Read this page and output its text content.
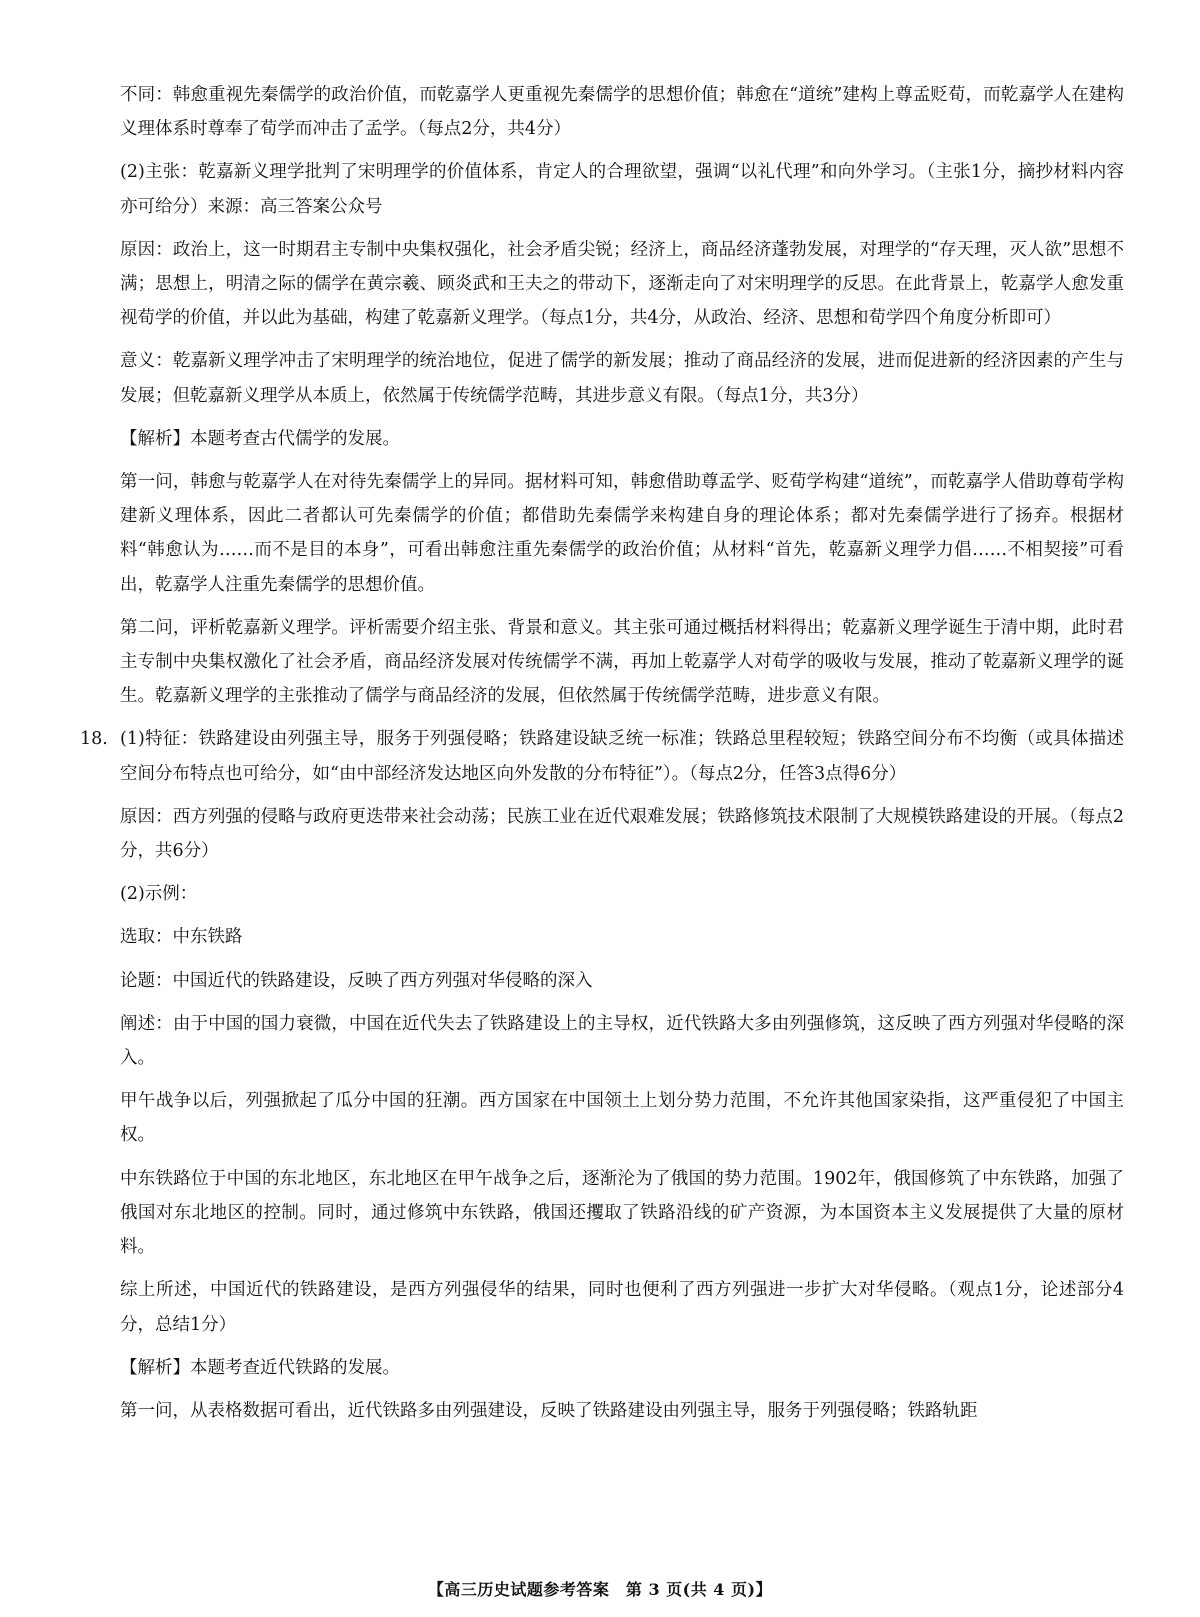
不同：韩愈重视先秦儒学的政治价值，而乾嘉学人更重视先秦儒学的思想价值；韩愈在“道统”建构上尊孟贬荀，而乾嘉学人在建构义理体系时尊奉了荀学而冲击了孟学。（每点2分，共4分）

(2)主张：乾嘉新义理学批判了宋明理学的价值体系，肯定人的合理欲望，强调“以礼代理”和向外学习。（主张1分，摘抄材料内容亦可给分）来源：高三答案公众号

原因：政治上，这一时期君主专制中央集权强化，社会矛盾尖锐；经济上，商品经济蓬勃发展，对理学的“存天理，灭人欲”思想不满；思想上，明清之际的儒学在黄宗羲、顾炎武和王夫之的带动下，逐渐走向了对宋明理学的反思。在此背景上，乾嘉学人愈发重视荀学的价值，并以此为基础，构建了乾嘉新义理学。（每点1分，共4分，从政治、经济、思想和荀学四个角度分析即可）

意义：乾嘉新义理学冲击了宋明理学的统治地位，促进了儒学的新发展；推动了商品经济的发展，进而促进新的经济因素的产生与发展；但乾嘉新义理学从本质上，依然属于传统儒学范畴，其进步意义有限。（每点1分，共3分）

【解析】本题考查古代儒学的发展。

第一问，韩愈与乾嘉学人在对待先秦儒学上的异同。据材料可知，韩愈借助尊孟学、贬荀学构建“道统”，而乾嘉学人借助尊荀学构建新义理体系，因此二者都认可先秦儒学的价值；都借助先秦儒学来构建自身的理论体系；都对先秦儒学进行了扬弃。根据材料“韩愈认为……而不是目的本身”，可看出韩愈注重先秦儒学的政治价值；从材料“首先，乾嘉新义理学力倡……不相契接”可看出，乾嘉学人注重先秦儒学的思想价值。

第二问，评析乾嘉新义理学。评析需要介绍主张、背景和意义。其主张可通过概括材料得出；乾嘉新义理学诞生于清中期，此时君主专制中央集权激化了社会矛盾，商品经济发展对传统儒学不满，再加上乾嘉学人对荀学的吸收与发展，推动了乾嘉新义理学的诞生。乾嘉新义理学的主张推动了儒学与商品经济的发展，但依然属于传统儒学范畴，进步意义有限。

18. (1)特征：铁路建设由列强主导，服务于列强侵略；铁路建设缺乏统一标准；铁路总里程较短；铁路空间分布不均衡（或具体描述空间分布特点也可给分，如“由中部经济发达地区向外发散的分布特征”）。（每点2分，任答3点得6分）

原因：西方列强的侵略与政府更迭带来社会动荡；民族工业在近代艰难发展；铁路修筑技术限制了大规模铁路建设的开展。（每点2分，共6分）

(2)示例：

选取：中东铁路

论题：中国近代的铁路建设，反映了西方列强对华侵略的深入

阐述：由于中国的国力衰微，中国在近代失去了铁路建设上的主导权，近代铁路大多由列强修筑，这反映了西方列强对华侵略的深入。

甲午战争以后，列强掀起了瓜分中国的狂潮。西方国家在中国领土上划分势力范围，不允许其他国家染指，这严重侵犯了中国主权。

中东铁路位于中国的东北地区，东北地区在甲午战争之后，逐渐沦为了俄国的势力范围。1902年，俄国修筑了中东铁路，加强了俄国对东北地区的控制。同时，通过修筑中东铁路，俄国还攫取了铁路沿线的矿产资源，为本国资本主义发展提供了大量的原材料。

综上所述，中国近代的铁路建设，是西方列强侵华的结果，同时也便利了西方列强进一步扩大对华侵略。（观点1分，论述部分4分，总结1分）

【解析】本题考查近代铁路的发展。

第一问，从表格数据可看出，近代铁路多由列强建设，反映了铁路建设由列强主导，服务于列强侵略；铁路轨距

【高三历史试题参考答案　第 3 页(共 4 页)】
